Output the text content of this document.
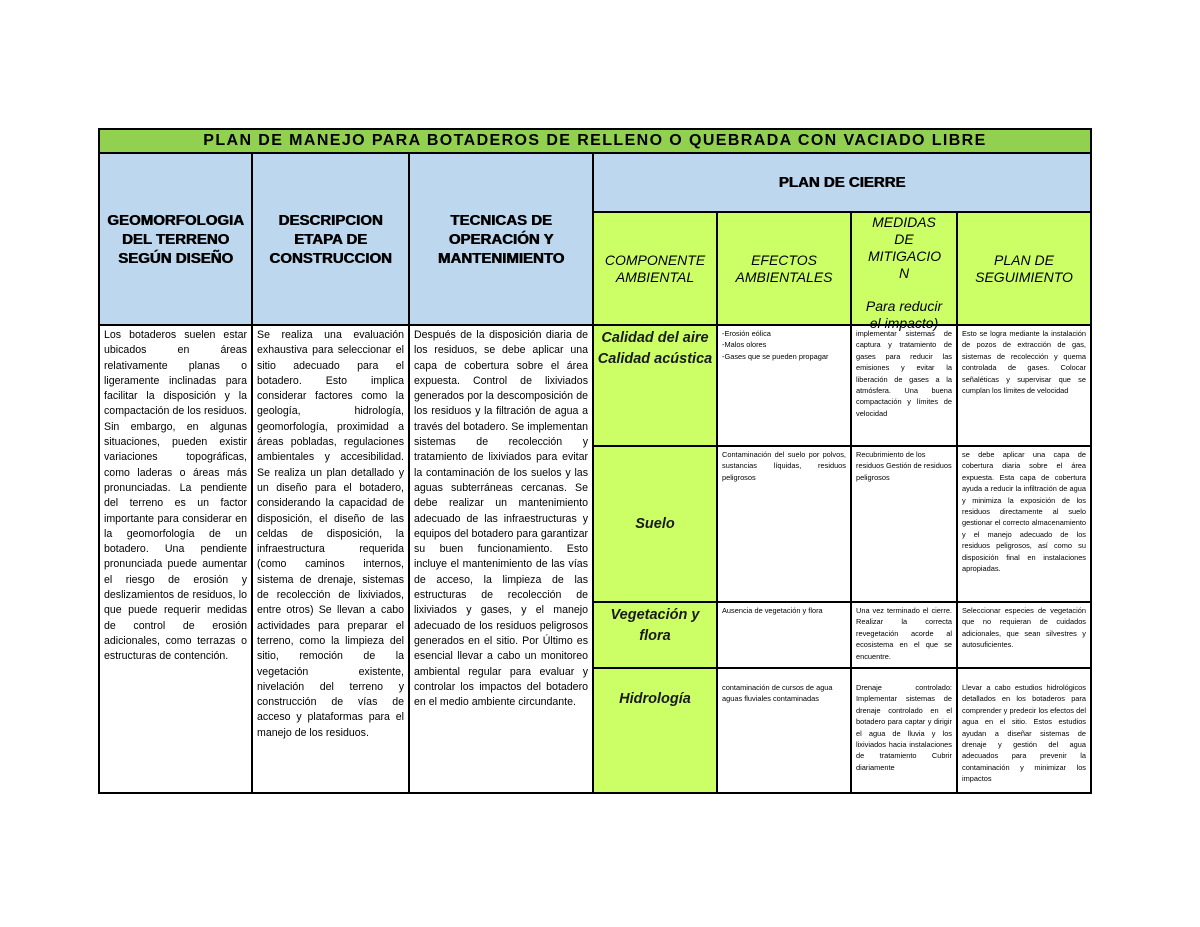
PLAN DE MANEJO PARA BOTADEROS DE RELLENO O QUEBRADA CON VACIADO LIBRE
GEOMORFOLOGIA DEL TERRENO SEGÚN DISEÑO
DESCRIPCION ETAPA DE CONSTRUCCION
TECNICAS DE OPERACIÓN Y MANTENIMIENTO
PLAN DE CIERRE
COMPONENTE AMBIENTAL
EFECTOS AMBIENTALES
MEDIDAS DE MITIGACIO N
Para reducir el impacto)
PLAN DE SEGUIMIENTO
Los botaderos suelen estar ubicados en áreas relativamente planas o ligeramente inclinadas para facilitar la disposición y la compactación de los residuos. Sin embargo, en algunas situaciones, pueden existir variaciones topográficas, como laderas o áreas más pronunciadas. La pendiente del terreno es un factor importante para considerar en la geomorfología de un botadero. Una pendiente pronunciada puede aumentar el riesgo de erosión y deslizamientos de residuos, lo que puede requerir medidas de control de erosión adicionales, como terrazas o estructuras de contención.
Se realiza una evaluación exhaustiva para seleccionar el sitio adecuado para el botadero. Esto implica considerar factores como la geología, hidrología, geomorfología, proximidad a áreas pobladas, regulaciones ambientales y accesibilidad. Se realiza un plan detallado y un diseño para el botadero, considerando la capacidad de disposición, el diseño de las celdas de disposición, la infraestructura requerida (como caminos internos, sistema de drenaje, sistemas de recolección de lixiviados, entre otros) Se llevan a cabo actividades para preparar el terreno, como la limpieza del sitio, remoción de la vegetación existente, nivelación del terreno y construcción de vías de acceso y plataformas para el manejo de los residuos.
Después de la disposición diaria de los residuos, se debe aplicar una capa de cobertura sobre el área expuesta. Control de lixiviados generados por la descomposición de los residuos y la filtración de agua a través del botadero. Se implementan sistemas de recolección y tratamiento de lixiviados para evitar la contaminación de los suelos y las aguas subterráneas cercanas. Se debe realizar un mantenimiento adecuado de las infraestructuras y equipos del botadero para garantizar su buen funcionamiento. Esto incluye el mantenimiento de las vías de acceso, la limpieza de las estructuras de recolección de lixiviados y gases, y el manejo adecuado de los residuos peligrosos generados en el sitio. Por Último es esencial llevar a cabo un monitoreo ambiental regular para evaluar y controlar los impactos del botadero en el medio ambiente circundante.
Calidad del aire
Calidad acústica
-Erosión eólica
-Malos olores
-Gases que se pueden propagar
implementar sistemas de captura y tratamiento de gases para reducir las emisiones y evitar la liberación de gases a la atmósfera. Una buena compactación y límites de velocidad
Esto se logra mediante la instalación de pozos de extracción de gas, sistemas de recolección y quema controlada de gases. Colocar señaléticas y supervisar que se cumplan los límites de velocidad
Suelo
Contaminación del suelo por polvos, sustancias líquidas, residuos peligrosos
Recubrimiento de los residuos Gestión de residuos peligrosos
se debe aplicar una capa de cobertura diaria sobre el área expuesta. Esta capa de cobertura ayuda a reducir la infiltración de agua y minimiza la exposición de los residuos directamente al suelo gestionar el correcto almacenamiento y el manejo adecuado de los residuos peligrosos, así como su disposición final en instalaciones apropiadas.
Vegetación y flora
Ausencia de vegetación y flora	Una vez terminado el cierre. Realizar la correcta revegetación acorde al ecosistema en el que se encuentre.
Seleccionar especies de vegetación que no requieran de cuidados adicionales, que sean silvestres y autosuficientes.
Hidrología
contaminación de cursos de agua
aguas fluviales contaminadas
Drenaje controlado: Implementar sistemas de drenaje controlado en el botadero para captar y dirigir el agua de lluvia y los lixiviados hacia instalaciones de tratamiento Cubrir diariamente
Llevar a cabo estudios hidrológicos detallados en los botaderos para comprender y predecir los efectos del agua en el sitio. Estos estudios ayudan a diseñar sistemas de drenaje y gestión del agua adecuados para prevenir la contaminación y minimizar los impactos
